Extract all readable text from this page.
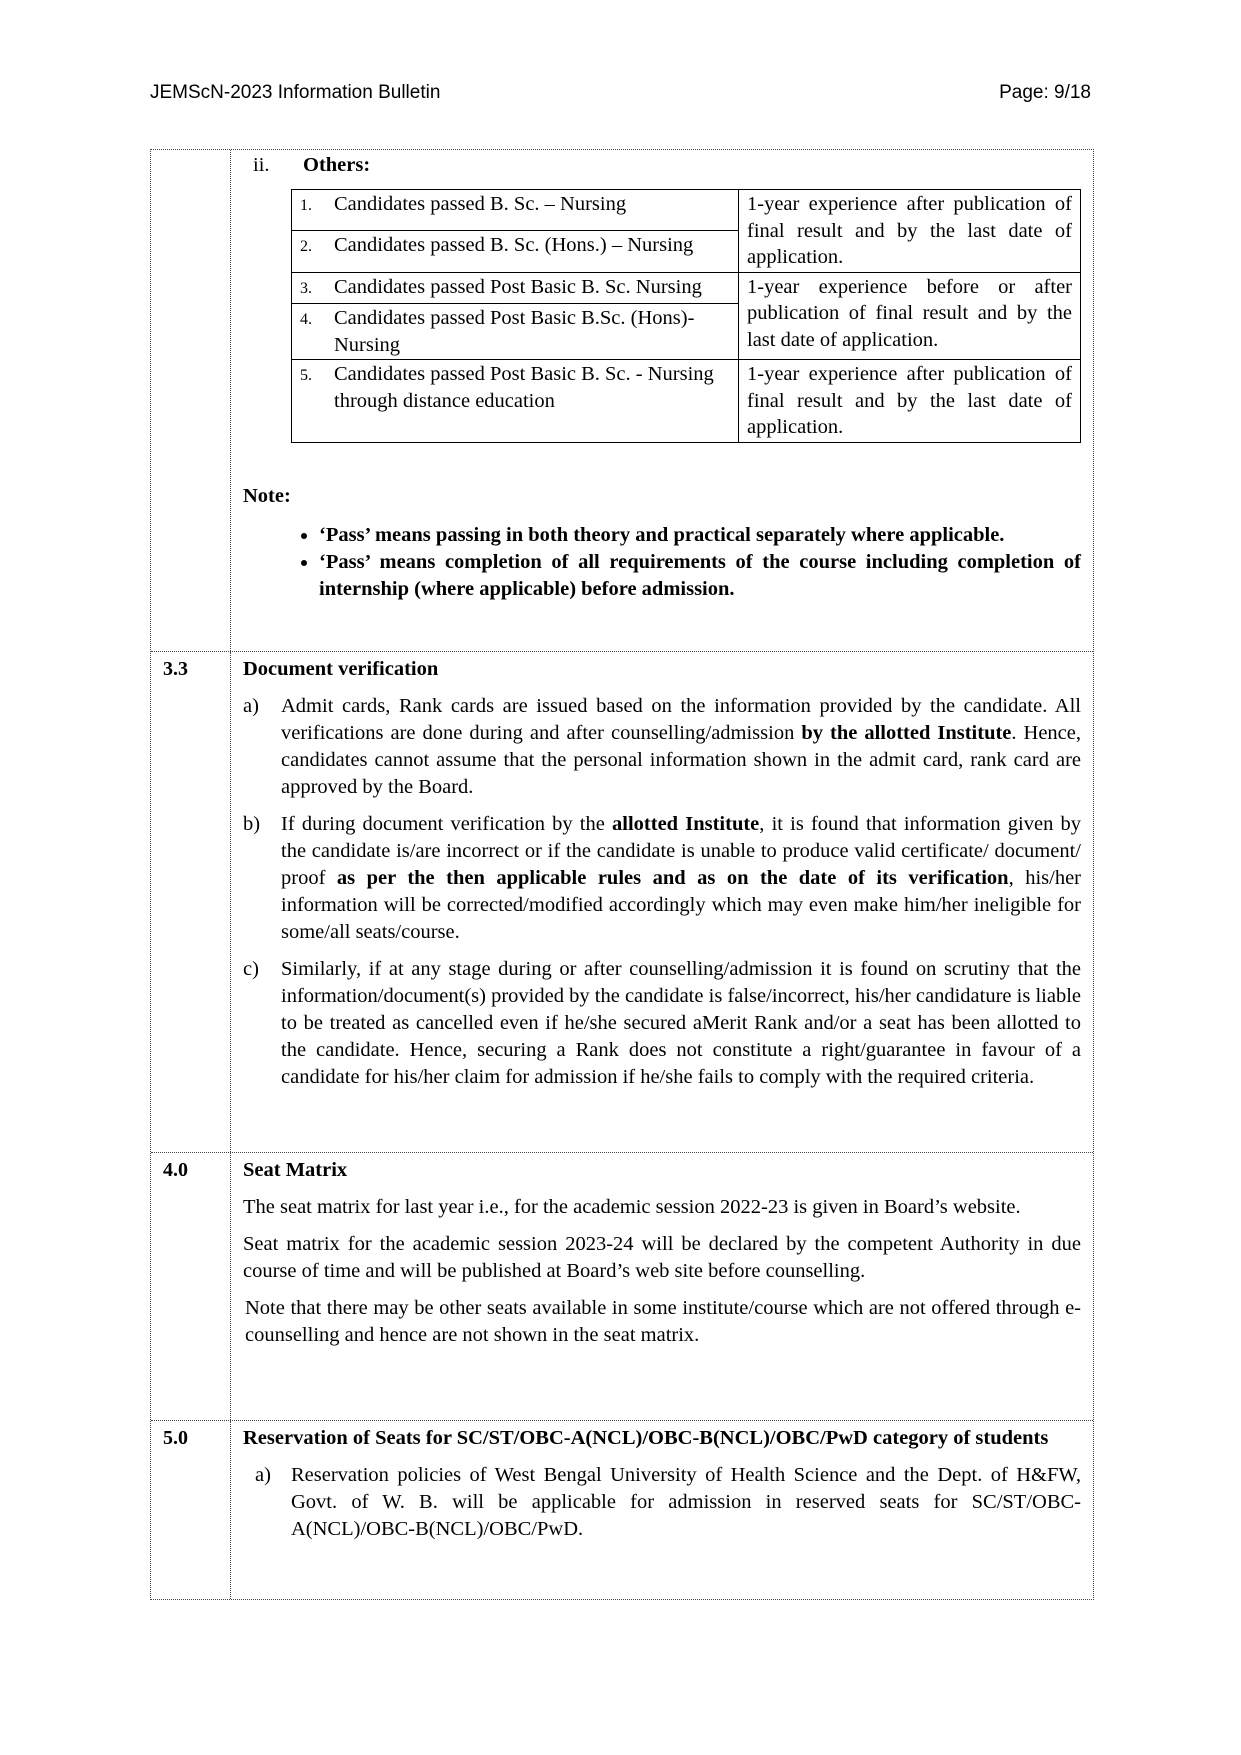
JEMScN-2023 Information Bulletin	Page: 9/18
ii. Others:
1. Candidates passed B. Sc. – Nursing	1-year experience after publication of final result and by the last date of application.

2. Candidates passed B. Sc. (Hons.) – Nursing	

3. Candidates passed Post Basic B. Sc. Nursing	1-year experience before or after publication of final result and by the last date of application.

4. Candidates passed Post Basic B.Sc. (Hons)- Nursing	

5. Candidates passed Post Basic B. Sc. - Nursing through distance education	1-year experience after publication of final result and by the last date of application.
Note:
• ‘Pass’ means passing in both theory and practical separately where applicable.
• ‘Pass’ means completion of all requirements of the course including completion of internship (where applicable) before admission.
3.3	Document verification
a)	Admit cards, Rank cards are issued based on the information provided by the candidate. All verifications are done during and after counselling/admission by the allotted Institute. Hence, candidates cannot assume that the personal information shown in the admit card, rank card are approved by the Board.
b)	If during document verification by the allotted Institute, it is found that information given by the candidate is/are incorrect or if the candidate is unable to produce valid certificate/ document/ proof as per the then applicable rules and as on the date of its verification, his/her information will be corrected/modified accordingly which may even make him/her ineligible for some/all seats/course.
c)	Similarly, if at any stage during or after counselling/admission it is found on scrutiny that the information/document(s) provided by the candidate is false/incorrect, his/her candidature is liable to be treated as cancelled even if he/she secured aMerit Rank and/or a seat has been allotted to the candidate. Hence, securing a Rank does not constitute a right/guarantee in favour of a candidate for his/her claim for admission if he/she fails to comply with the required criteria.
4.0	Seat Matrix
The seat matrix for last year i.e., for the academic session 2022-23 is given in Board’s website.
Seat matrix for the academic session 2023-24 will be declared by the competent Authority in due course of time and will be published at Board’s web site before counselling.
Note that there may be other seats available in some institute/course which are not offered through e-counselling and hence are not shown in the seat matrix.
5.0	Reservation of Seats for SC/ST/OBC-A(NCL)/OBC-B(NCL)/OBC/PwD category of students
a) Reservation policies of West Bengal University of Health Science and the Dept. of H&FW, Govt. of W. B. will be applicable for admission in reserved seats for SC/ST/OBC-A(NCL)/OBC-B(NCL)/OBC/PwD.
